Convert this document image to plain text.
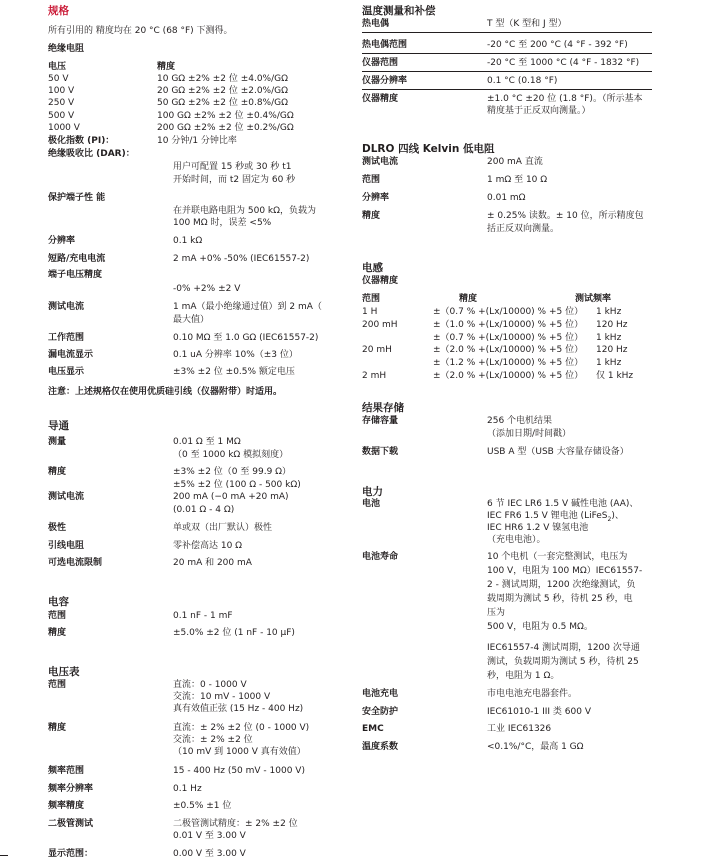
规格
所有引用的 精度均在 20 °C (68 °F) 下测得。
绝缘电阻
电压	精度
50 V	10 GΩ ±2% ±2 位 ±4.0%/GΩ
100 V	20 GΩ ±2% ±2 位 ±2.0%/GΩ
250 V	50 GΩ ±2% ±2 位 ±0.8%/GΩ
500 V	100 GΩ ±2% ±2 位 ±0.4%/GΩ
1000 V	200 GΩ ±2% ±2 位 ±0.2%/GΩ
极化指数 (PI)：	10 分钟/1 分钟比率
绝缘吸收比 (DAR)：
用户可配置 15 秒或 30 秒 t1
开始时间，而 t2 固定为 60 秒
保护端子性 能
在并联电路电阻为 500 kΩ，负载为
100 MΩ 时，误差 <5%
分辨率	0.1 kΩ
短路/充电电流	2 mA +0% -50% (IEC61557-2)
端子电压精度
-0% +2% ±2 V
测试电流	1 mA（最小绝缘通过值）到 2 mA（
最大值）
工作范围	0.10 MΩ 至 1.0 GΩ (IEC61557-2)
漏电流显示	0.1 uA 分辨率 10%（±3 位）
电压显示	±3% ±2 位 ±0.5% 额定电压
注意：上述规格仅在使用优质硅引线（仪器附带）时适用。
导通
测量	0.01 Ω 至 1 MΩ
（0 至 1000 kΩ 模拟刻度）
精度	±3% ±2 位（0 至 99.9 Ω）
±5% ±2 位 (100 Ω - 500 kΩ)
测试电流	200 mA (−0 mA +20 mA)
(0.01 Ω - 4 Ω)
极性	单或双（出厂默认）极性
引线电阻	零补偿高达 10 Ω
可选电流限制	20 mA 和 200 mA
电容
范围	0.1 nF - 1 mF
精度	±5.0% ±2 位 (1 nF - 10 μF)
电压表
范围	直流：0 - 1000 V
交流：10 mV - 1000 V
真有效值正弦 (15 Hz - 400 Hz)
精度	直流：± 2% ±2 位 (0 - 1000 V)
交流：± 2% ±2 位
（10 mV 到 1000 V 真有效值）
频率范围	15 - 400 Hz (50 mV - 1000 V)
频率分辨率	0.1 Hz
频率精度	±0.5% ±1 位
二极管测试	二极管测试精度：± 2% ±2 位
0.01 V 至 3.00 V
显示范围：	0.00 V 至 3.00 V
温度测量和补偿
热电偶	T 型（K 型和 J 型）
热电偶范围	-20 °C 至 200 °C (4 °F - 392 °F)
仪器范围	-20 °C 至 1000 °C (4 °F - 1832 °F)
仪器分辨率	0.1 °C (0.18 °F)
仪器精度	±1.0 °C ±20 位 (1.8 °F)。（所示基本
精度基于正反双向测量。）
DLRO 四线 Kelvin 低电阻
测试电流	200 mA 直流
范围	1 mΩ 至 10 Ω
分辨率	0.01 mΩ
精度	± 0.25% 读数。± 10 位，所示精度包
括正反双向测量。
电感
仪器精度
范围	精度	测试频率
1 H	±（0.7 % +(Lx/10000) % +5 位） 1 kHz
200 mH	±（1.0 % +(Lx/10000) % +5 位） 120 Hz
±（0.7 % +(Lx/10000) % +5 位） 1 kHz
20 mH	±（2.0 % +(Lx/10000) % +5 位） 120 Hz
±（1.2 % +(Lx/10000) % +5 位） 1 kHz
2 mH	±（2.0 % +(Lx/10000) % +5 位） 仅 1 kHz
结果存储
存储容量	256 个电机结果
（添加日期/时间戳）
数据下载	USB A 型（USB 大容量存储设备）
电力
电池	6 节 IEC LR6 1.5 V 碱性电池 (AA)、
IEC FR6 1.5 V 锂电池 (LiFeS$_2$)、
IEC HR6 1.2 V 镍氢电池
（充电电池）。
电池寿命	10 个电机（一套完整测试，电压为
100 V，电阻为 100 MΩ）IEC61557-
2 - 测试周期，1200 次绝缘测试，负
载周期为测试 5 秒，待机 25 秒，电
压为
500 V，电阻为 0.5 MΩ。
IEC61557-4 测试周期，1200 次导通
测试，负载周期为测试 5 秒，待机 25
秒，电阻为 1 Ω。
电池充电	市电电池充电器套件。
安全防护	IEC61010-1 III 类 600 V
EMC	工业 IEC61326
温度系数	<0.1%/°C，最高 1 GΩ
